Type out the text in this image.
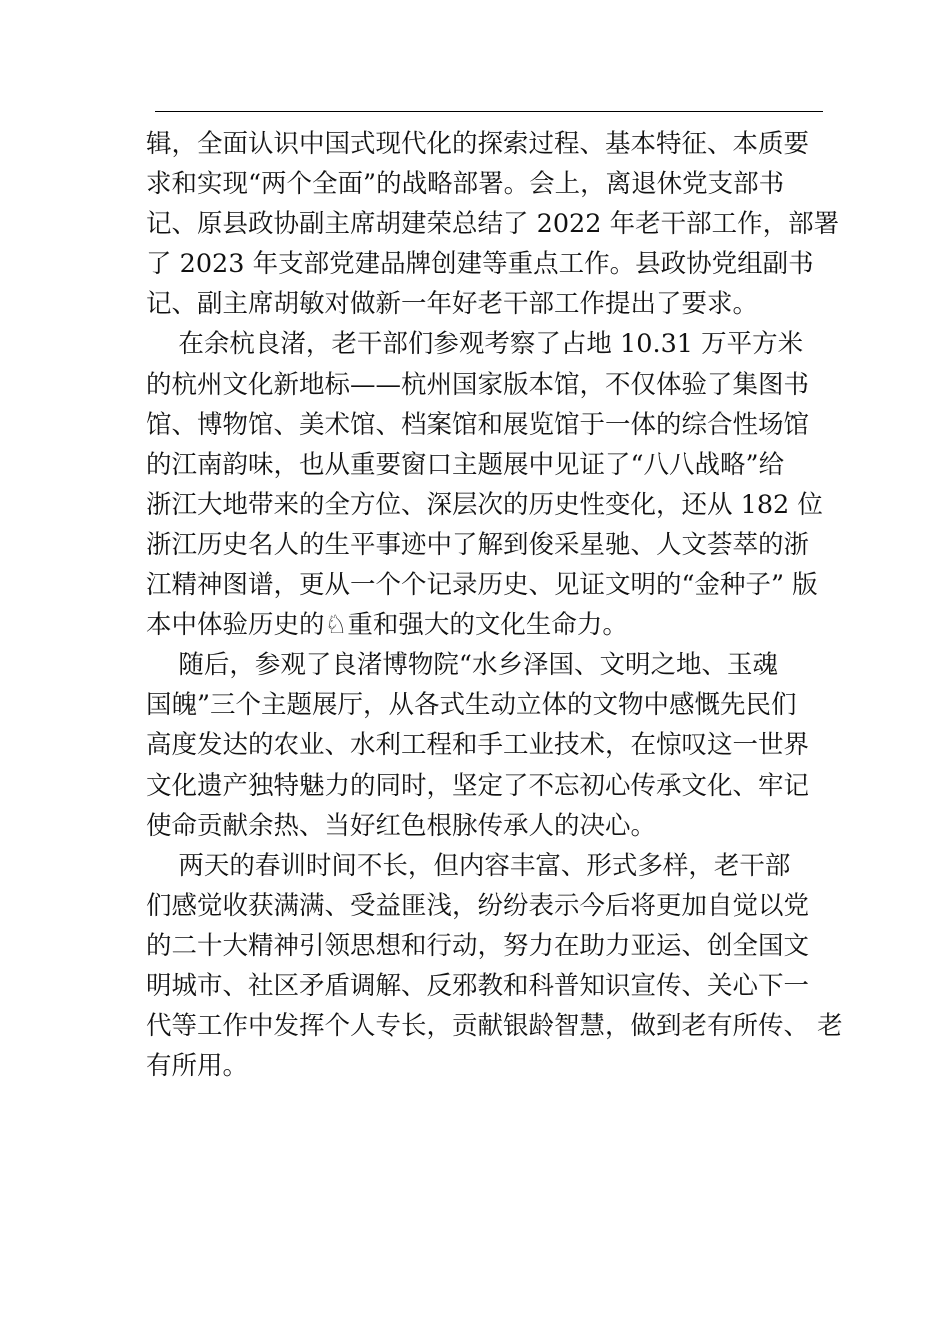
辑，全面认识中国式现代化的探索过程、基本特征、本质要
求和实现“两个全面”的战略部署。会上，离退休党支部书
记、原县政协副主席胡建荣总结了 2022 年老干部工作，部署
了 2023 年支部党建品牌创建等重点工作。县政协党组副书
记、副主席胡敏对做新一年好老干部工作提出了要求。
在余杭良渚，老干部们参观考察了占地 10.31 万平方米
的杭州文化新地标——杭州国家版本馆，不仅体验了集图书
馆、博物馆、美术馆、档案馆和展览馆于一体的综合性场馆
的江南韵味，也从重要窗口主题展中见证了“八八战略”给
浙江大地带来的全方位、深层次的历史性变化，还从 182 位
浙江历史名人的生平事迹中了解到俊采星驰、人文荟萃的浙
江精神图谱，更从一个个记录历史、见证文明的“金种子” 版
本中体验历史的♘重和强大的文化生命力。
随后，参观了良渚博物院“水乡泽国、文明之地、玉魂
国魄”三个主题展厅，从各式生动立体的文物中感慨先民们
高度发达的农业、水利工程和手工业技术，在惊叹这一世界
文化遗产独特魅力的同时，坚定了不忘初心传承文化、牢记
使命贡献余热、当好红色根脉传承人的决心。
两天的春训时间不长，但内容丰富、形式多样，老干部
们感觉收获满满、受益匪浅，纷纷表示今后将更加自觉以党
的二十大精神引领思想和行动，努力在助力亚运、创全国文
明城市、社区矛盾调解、反邪教和科普知识宣传、关心下一
代等工作中发挥个人专长，贡献银龄智慧，做到老有所传、 老
有所用。
